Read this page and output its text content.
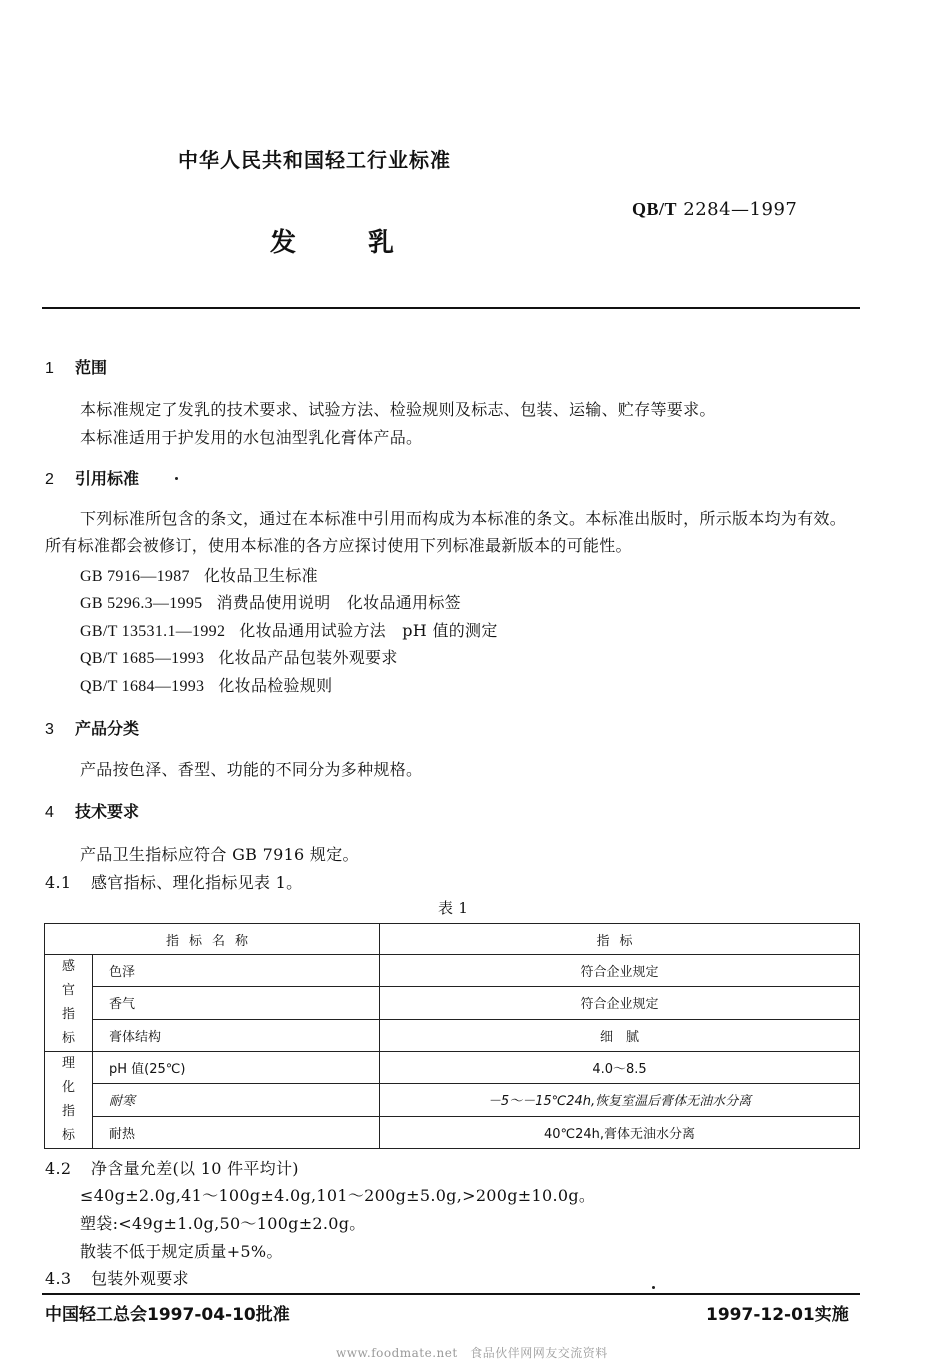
中华人民共和国轻工行业标准
QB/T 2284—1997
发	乳
1 范围
本标准规定了发乳的技术要求、试验方法、检验规则及标志、包装、运输、贮存等要求。
本标准适用于护发用的水包油型乳化膏体产品。
2 引用标准
下列标准所包含的条文，通过在本标准中引用而构成为本标准的条文。本标准出版时，所示版本均为有效。所有标准都会被修订，使用本标准的各方应探讨使用下列标准最新版本的可能性。
GB 7916—1987 化妆品卫生标准
GB 5296.3—1995 消费品使用说明　化妆品通用标签
GB/T 13531.1—1992 化妆品通用试验方法　pH 值的测定
QB/T 1685—1993 化妆品产品包装外观要求
QB/T 1684—1993 化妆品检验规则
3 产品分类
产品按色泽、香型、功能的不同分为多种规格。
4 技术要求
产品卫生指标应符合 GB 7916 规定。
4.1 感官指标、理化指标见表 1。
表 1
指标名称		指标

感
官
指
标	色泽	符合企业规定
	香气	符合企业规定
	膏体结构	细　腻

理
化
指
标	pH 值(25℃)	4.0～8.5
	耐寒	－5～－15℃24h,恢复室温后膏体无油水分离
	耐热	40℃24h,膏体无油水分离
4.2 净含量允差(以 10 件平均计)
≤40g±2.0g,41～100g±4.0g,101～200g±5.0g,>200g±10.0g。
塑袋:<49g±1.0g,50～100g±2.0g。
散装不低于规定质量+5%。
4.3 包装外观要求
中国轻工总会1997-04-10批准	1997-12-01实施
www.foodmate.net　食品伙伴网网友交流资料
